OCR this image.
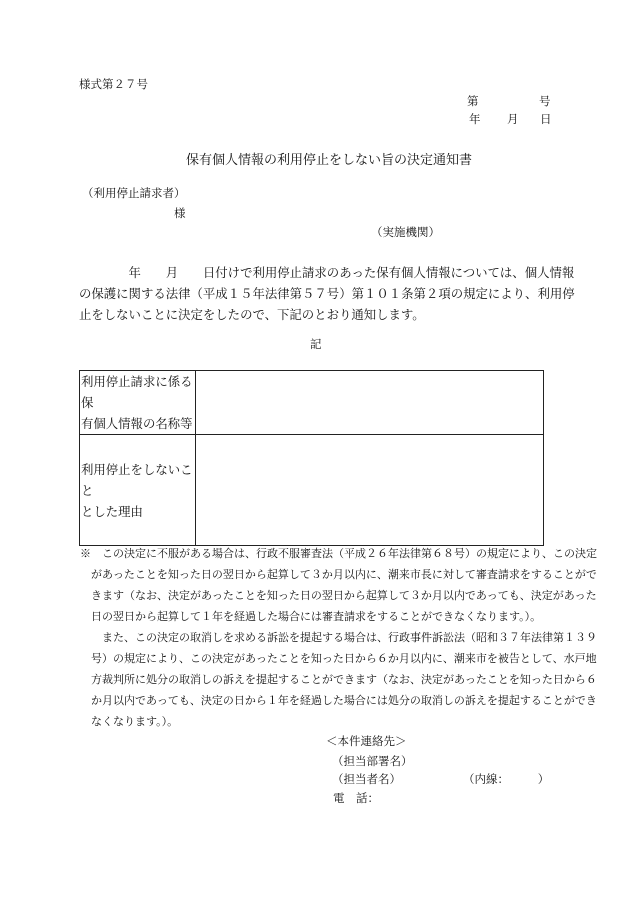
様式第２７号
第	号
年 月 日
保有個人情報の利用停止をしない旨の決定通知書
（利用停止請求者）
様
（実施機関）
　　　　年　　月　　日付けで利用停止請求のあった保有個人情報については、個人情報
の保護に関する法律（平成１５年法律第５７号）第１０１条第２項の規定により、利用停
止をしないことに決定をしたので、下記のとおり通知します。
記
利用停止請求に係る保
有個人情報の名称等	

利用停止をしないこと
とした理由	

※　この決定に不服がある場合は、行政不服審査法（平成２６年法律第６８号）の規定により、この決定
　があったことを知った日の翌日から起算して３か月以内に、潮来市長に対して審査請求をすることがで
　きます（なお、決定があったことを知った日の翌日から起算して３か月以内であっても、決定があった
　日の翌日から起算して１年を経過した場合には審査請求をすることができなくなります。）。
　　また、この決定の取消しを求める訴訟を提起する場合は、行政事件訴訟法（昭和３７年法律第１３９
　号）の規定により、この決定があったことを知った日から６か月以内に、潮来市を被告として、水戸地
　方裁判所に処分の取消しの訴えを提起することができます（なお、決定があったことを知った日から６
　か月以内であっても、決定の日から１年を経過した場合には処分の取消しの訴えを提起することができ
　なくなります。）。
＜本件連絡先＞
（担当部署名）
（担当者名）	（内線：　　　）
電　話：
